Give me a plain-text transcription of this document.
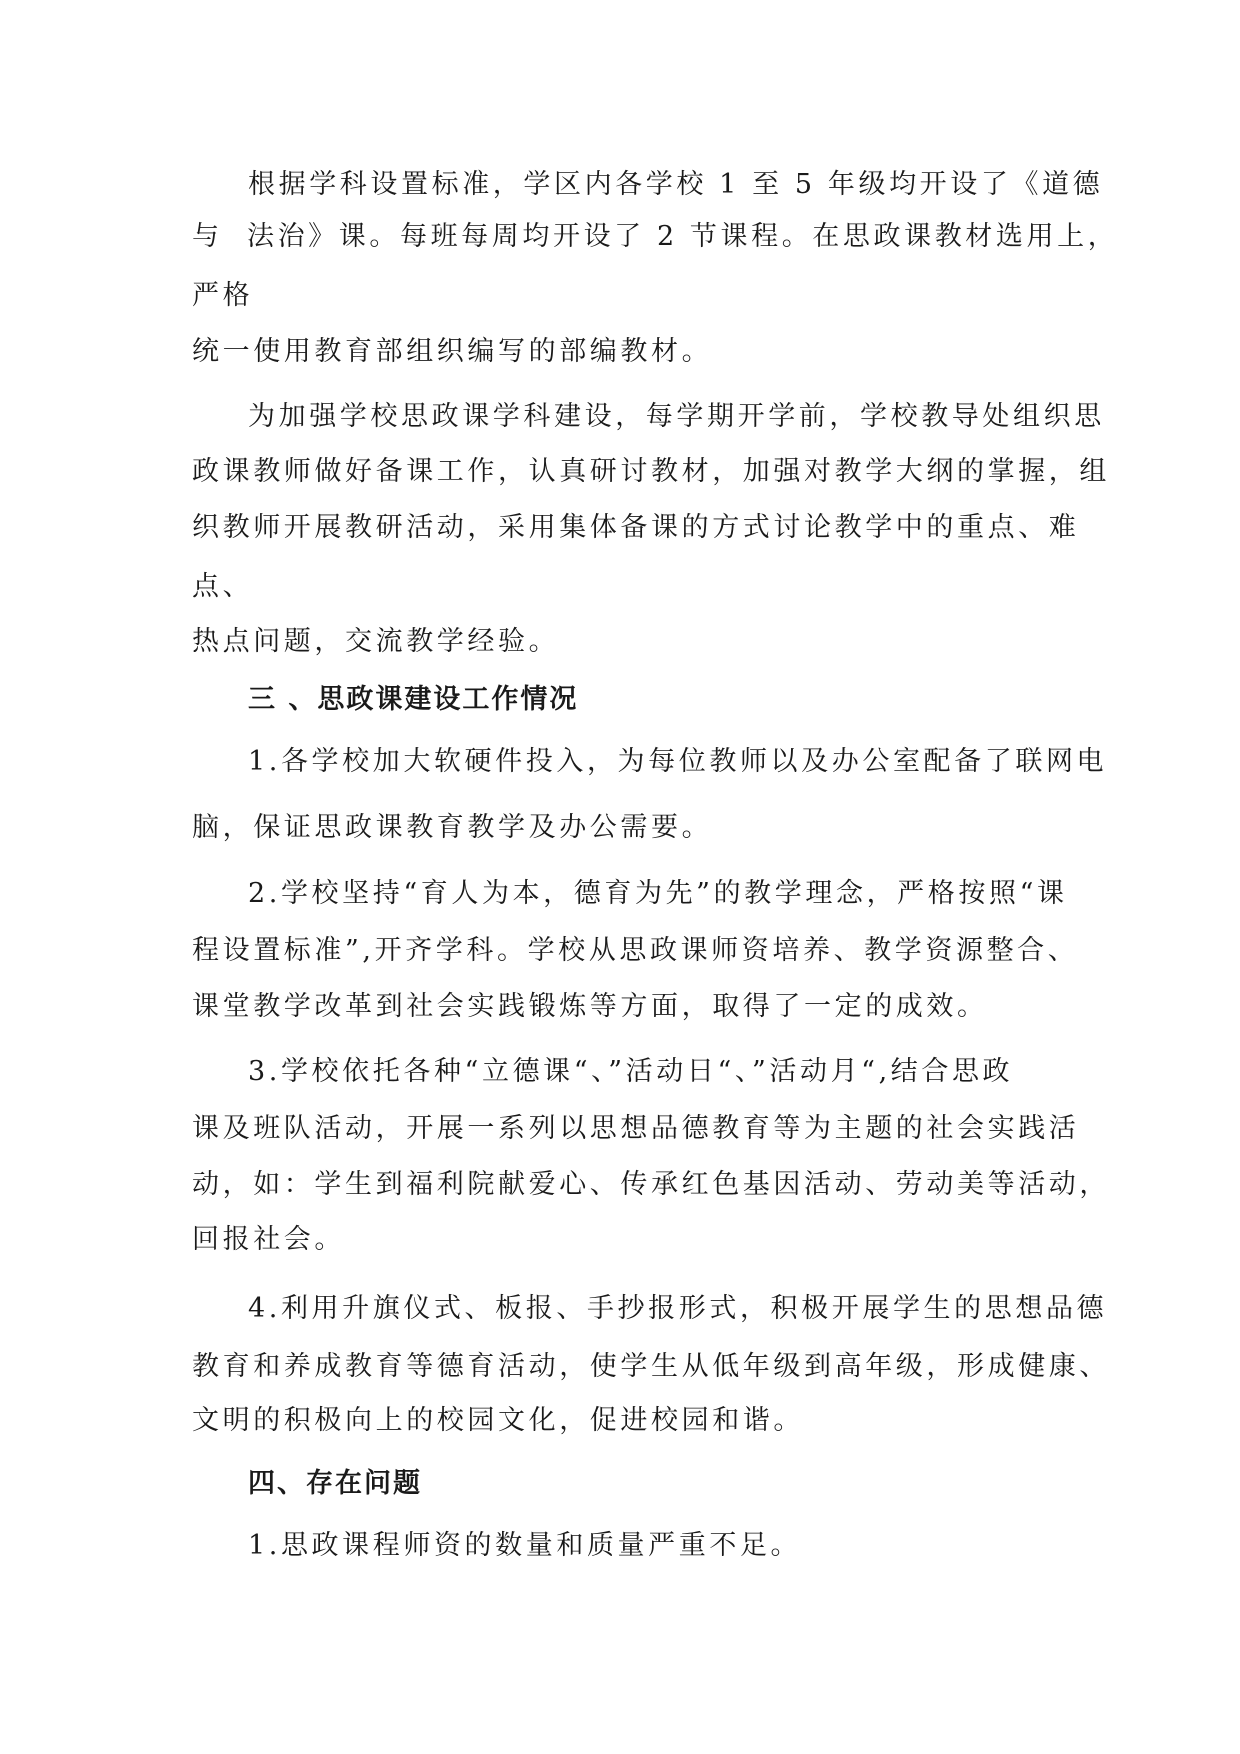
根据学科设置标准，学区内各学校 1 至 5 年级均开设了《道德
与  法治》课。每班每周均开设了 2 节课程。在思政课教材选用上，
严格
统一使用教育部组织编写的部编教材。
为加强学校思政课学科建设，每学期开学前，学校教导处组织思
政课教师做好备课工作，认真研讨教材，加强对教学大纲的掌握，组
织教师开展教研活动，采用集体备课的方式讨论教学中的重点、难
点、
热点问题，交流教学经验。
三 、思政课建设工作情况
1.各学校加大软硬件投入，为每位教师以及办公室配备了联网电
脑，保证思政课教育教学及办公需要。
2.学校坚持“育人为本，德育为先”的教学理念，严格按照“课
程设置标准”,开齐学科。学校从思政课师资培养、教学资源整合、
课堂教学改革到社会实践锻炼等方面，取得了一定的成效。
3.学校依托各种“立德课“、”活动日“、”活动月“,结合思政
课及班队活动，开展一系列以思想品德教育等为主题的社会实践活
动，如：学生到福利院献爱心、传承红色基因活动、劳动美等活动，
回报社会。
4.利用升旗仪式、板报、手抄报形式，积极开展学生的思想品德
教育和养成教育等德育活动，使学生从低年级到高年级，形成健康、
文明的积极向上的校园文化，促进校园和谐。
四、存在问题
1.思政课程师资的数量和质量严重不足。
